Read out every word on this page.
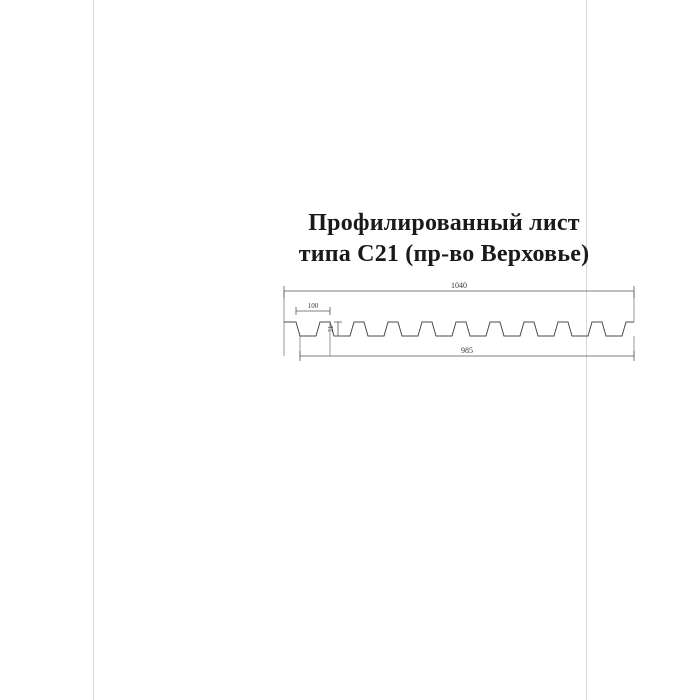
Профилированный лист
типа С21 (пр-во Верховье)
1040
100
21
985
